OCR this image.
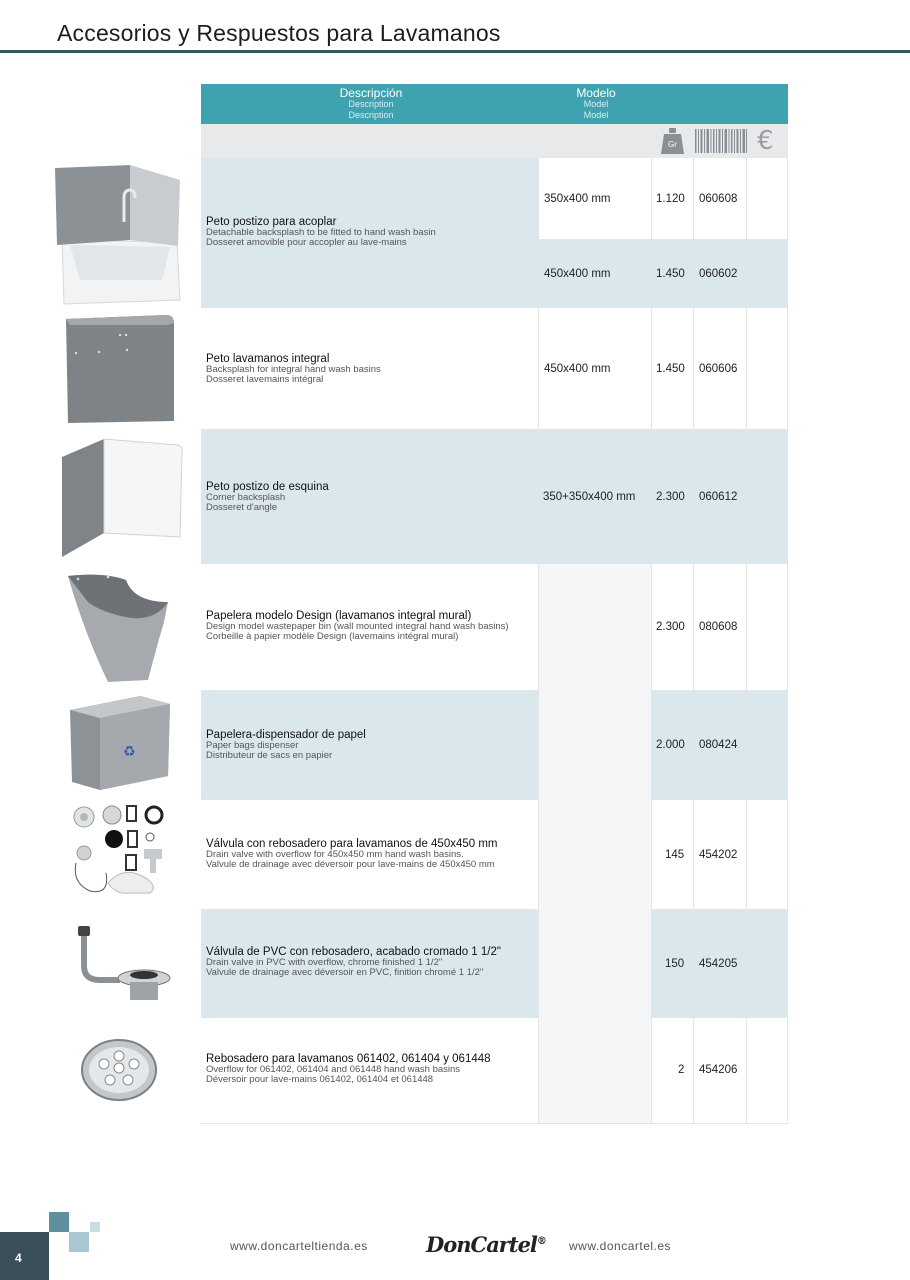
Accesorios y Respuestos para Lavamanos
Descripción
Description
Description
Modelo
Model
Model
Gr	€
Peto postizo para acoplar
Detachable backsplash to be fitted to hand wash basin
Dosseret amovible pour accopler au lave-mains
350x400 mm	1.120 060608
450x400 mm	1.450 060602
Peto lavamanos integral
Backsplash for integral hand wash basins
Dosseret lavemains intégral
450x400 mm	1.450 060606
Peto postizo de esquina
Corner backsplash
Dosseret d'angle
350+350x400 mm 2.300 060612
Papelera modelo Design (lavamanos integral mural)
Design model wastepaper bin (wall mounted integral hand wash basins)
Corbeille à papier modèle Design (lavemains intégral mural)
2.300 080608
Papelera-dispensador de papel
Paper bags dispenser
Distributeur de sacs en papier
2.000 080424
Válvula con rebosadero para lavamanos de 450x450 mm
Drain valve with overflow for 450x450 mm hand wash basins.
Valvule de drainage avec déversoir pour lave-mains de 450x450 mm
145 454202
Válvula de PVC con rebosadero, acabado cromado 1 1/2"
Drain valve in PVC with overflow, chrome finished 1 1/2"
Valvule de drainage avec déversoir en PVC, finition chromé 1 1/2"
150 454205
Rebosadero para lavamanos 061402, 061404 y 061448
Overflow for 061402, 061404 and 061448 hand wash basins
Déversoir pour lave-mains 061402, 061404 et 061448
2 454206
♻
4
www.doncarteltienda.es	DonCartel® www.doncartel.es
